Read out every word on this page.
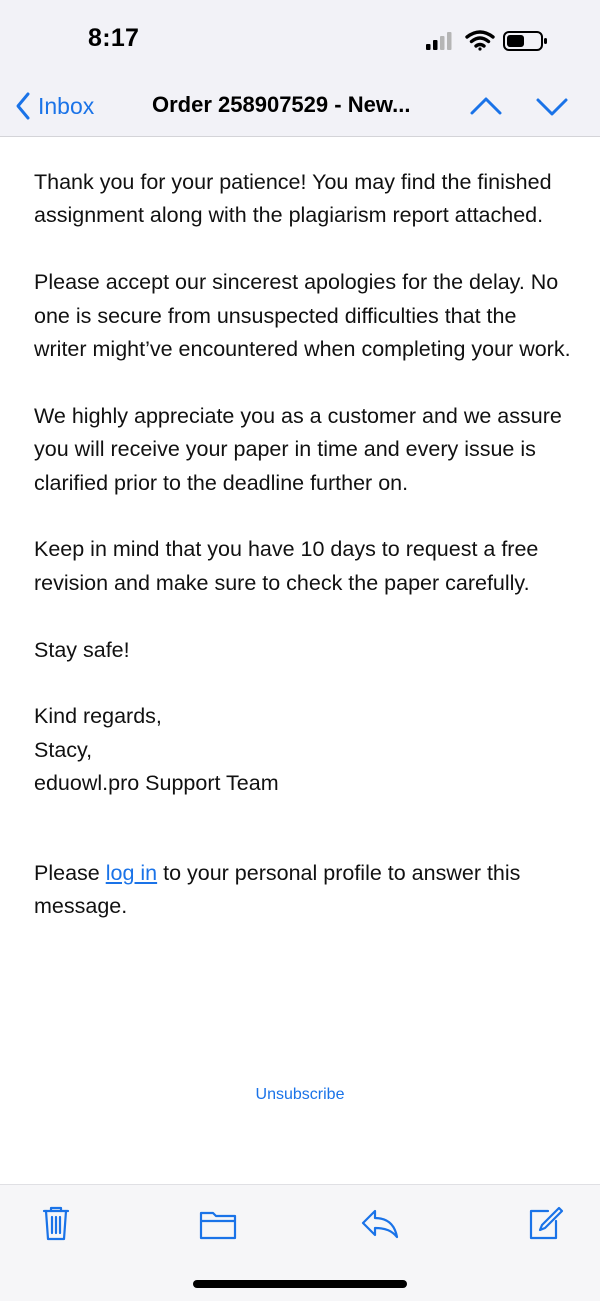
8:17
Inbox	Order 258907529 - New...

Thank you for your patience! You may find the finished assignment along with the plagiarism report attached.

Please accept our sincerest apologies for the delay. No one is secure from unsuspected difficulties that the writer might’ve encountered when completing your work.

We highly appreciate you as a customer and we assure you will receive your paper in time and every issue is clarified prior to the deadline further on.

Keep in mind that you have 10 days to request a free revision and make sure to check the paper carefully.

Stay safe!

Kind regards,
Stacy,
eduowl.pro Support Team

Please log in to your personal profile to answer this message.

Unsubscribe
